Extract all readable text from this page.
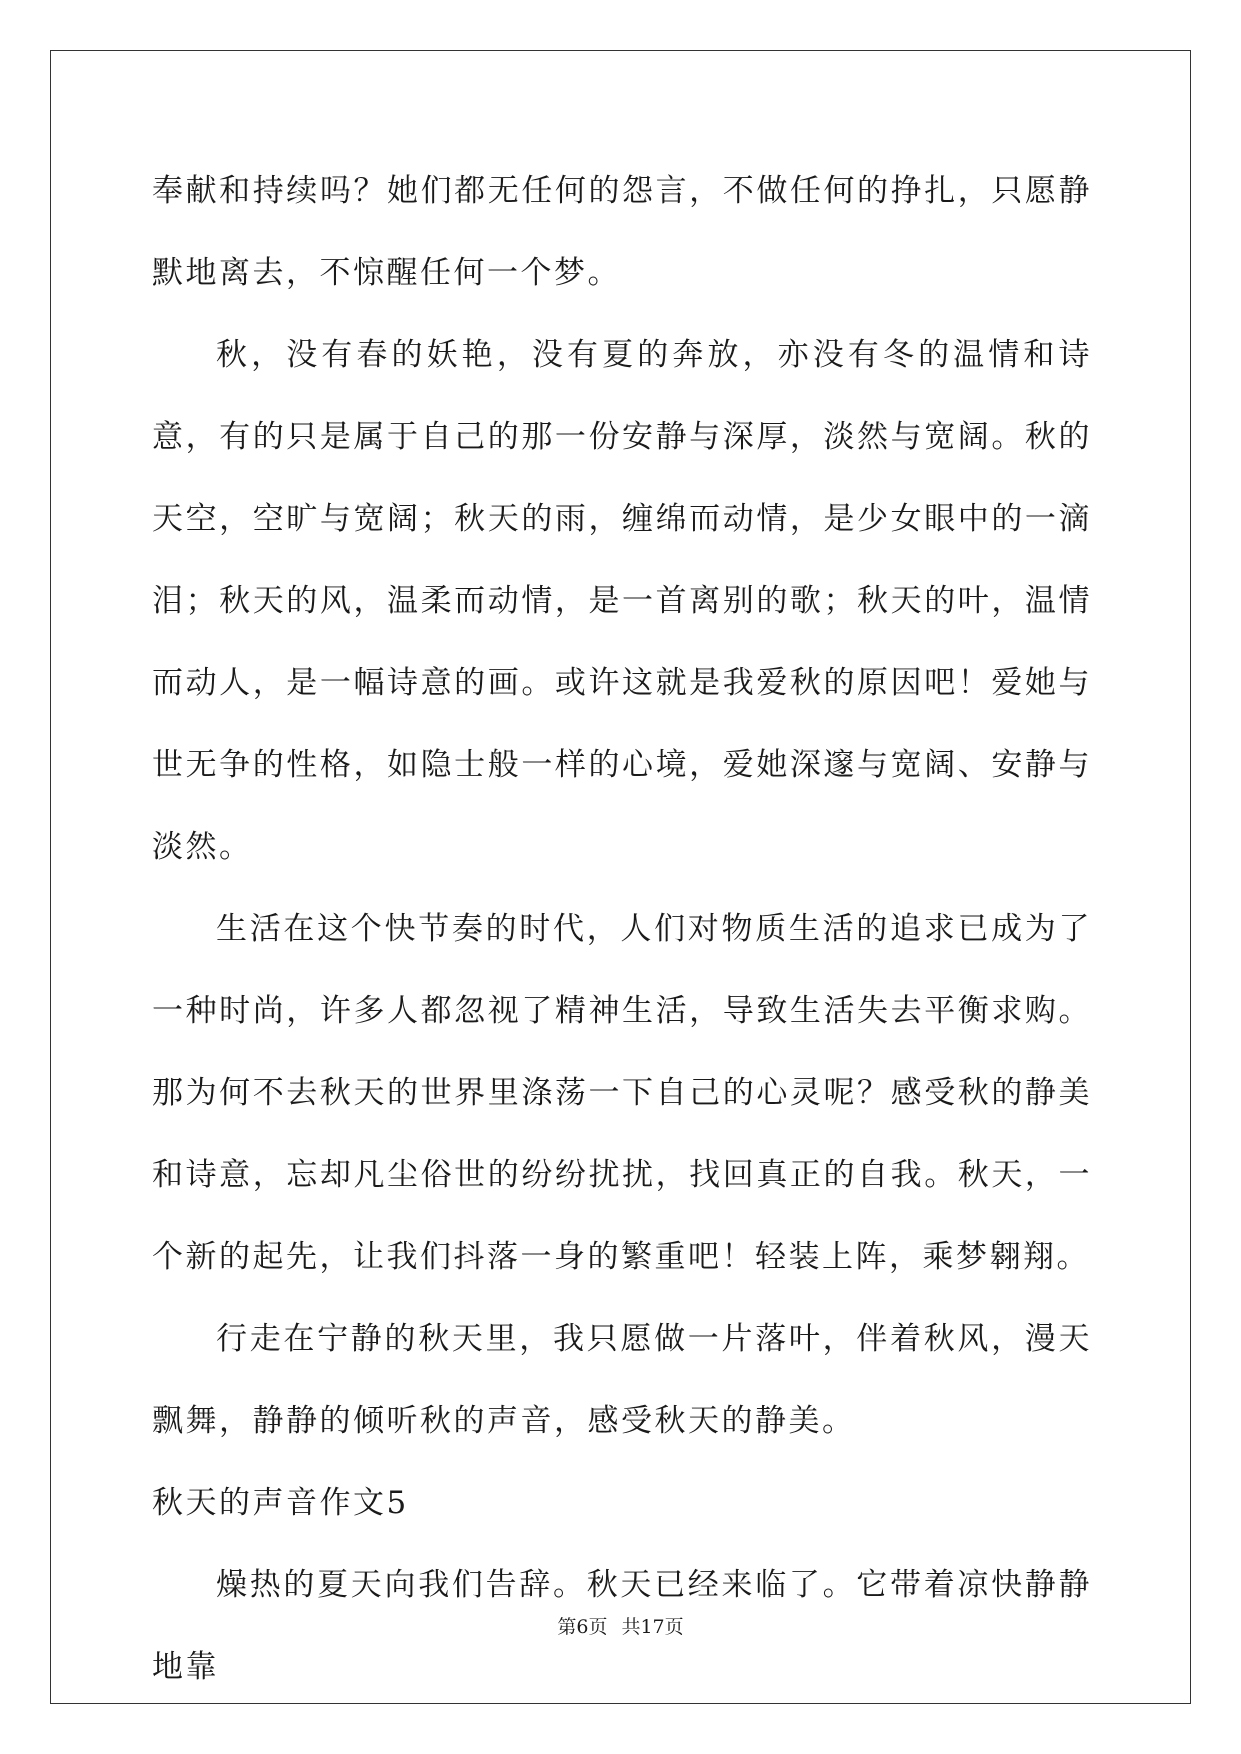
奉献和持续吗？她们都无任何的怨言，不做任何的挣扎，只愿静默地离去，不惊醒任何一个梦。

秋，没有春的妖艳，没有夏的奔放，亦没有冬的温情和诗意，有的只是属于自己的那一份安静与深厚，淡然与宽阔。秋的天空，空旷与宽阔；秋天的雨，缠绵而动情，是少女眼中的一滴泪；秋天的风，温柔而动情，是一首离别的歌；秋天的叶，温情而动人，是一幅诗意的画。或许这就是我爱秋的原因吧！爱她与世无争的性格，如隐士般一样的心境，爱她深邃与宽阔、安静与淡然。

生活在这个快节奏的时代，人们对物质生活的追求已成为了一种时尚，许多人都忽视了精神生活，导致生活失去平衡求购。那为何不去秋天的世界里涤荡一下自己的心灵呢？感受秋的静美和诗意，忘却凡尘俗世的纷纷扰扰，找回真正的自我。秋天，一个新的起先，让我们抖落一身的繁重吧！轻装上阵，乘梦翱翔。

行走在宁静的秋天里，我只愿做一片落叶，伴着秋风，漫天飘舞，静静的倾听秋的声音，感受秋天的静美。

秋天的声音作文5

燥热的夏天向我们告辞。秋天已经来临了。它带着凉快静静地靠

第6页 共17页
